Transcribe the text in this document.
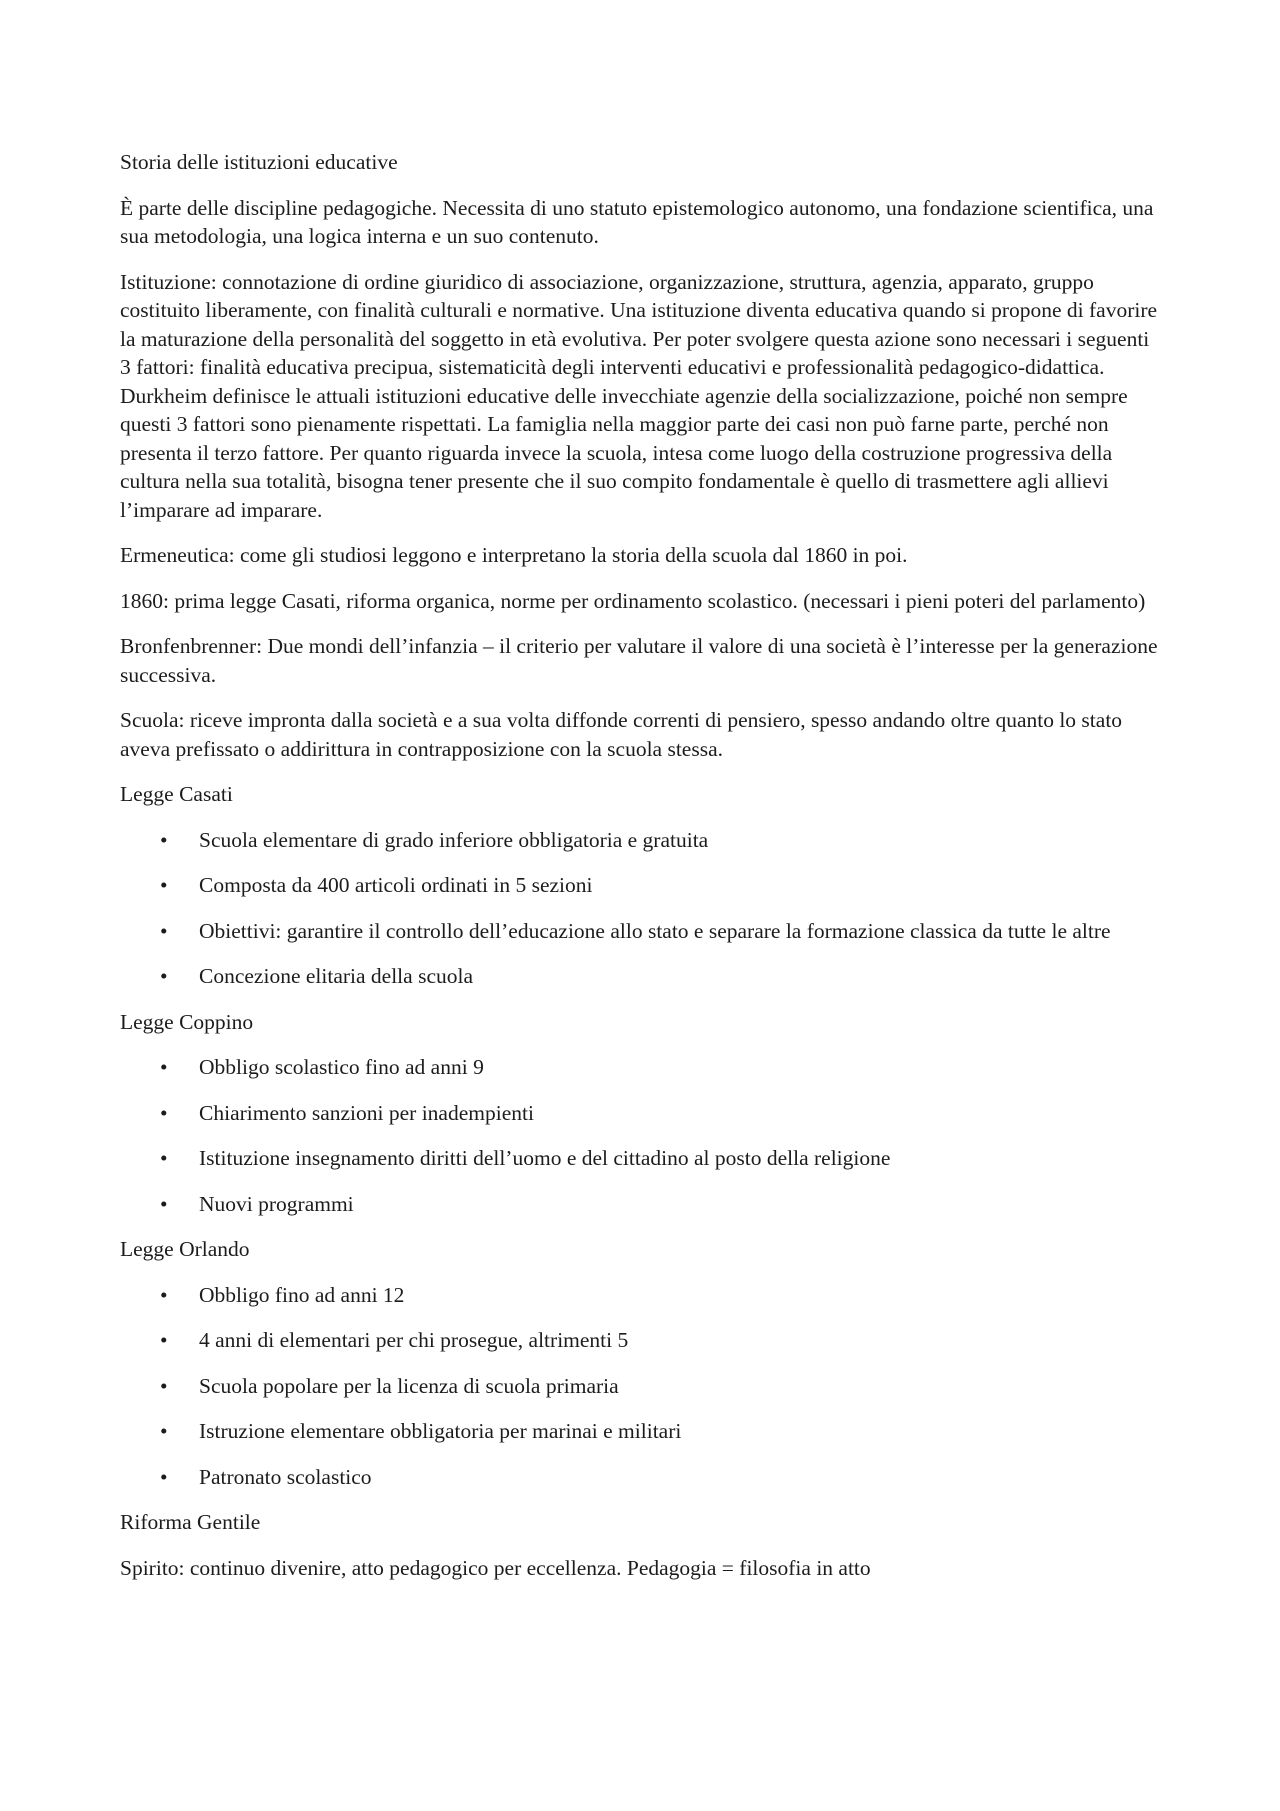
Storia delle istituzioni educative

È parte delle discipline pedagogiche. Necessita di uno statuto epistemologico autonomo, una fondazione scientifica, una sua metodologia, una logica interna e un suo contenuto.

Istituzione: connotazione di ordine giuridico di associazione, organizzazione, struttura, agenzia, apparato, gruppo costituito liberamente, con finalità culturali e normative. Una istituzione diventa educativa quando si propone di favorire la maturazione della personalità del soggetto in età evolutiva. Per poter svolgere questa azione sono necessari i seguenti 3 fattori: finalità educativa precipua, sistematicità degli interventi educativi e professionalità pedagogico-didattica. Durkheim definisce le attuali istituzioni educative delle invecchiate agenzie della socializzazione, poiché non sempre questi 3 fattori sono pienamente rispettati. La famiglia nella maggior parte dei casi non può farne parte, perché non presenta il terzo fattore. Per quanto riguarda invece la scuola, intesa come luogo della costruzione progressiva della cultura nella sua totalità, bisogna tener presente che il suo compito fondamentale è quello di trasmettere agli allievi l’imparare ad imparare.

Ermeneutica: come gli studiosi leggono e interpretano la storia della scuola dal 1860 in poi.

1860: prima legge Casati, riforma organica, norme per ordinamento scolastico. (necessari i pieni poteri del parlamento)

Bronfenbrenner: Due mondi dell’infanzia – il criterio per valutare il valore di una società è l’interesse per la generazione successiva.

Scuola: riceve impronta dalla società e a sua volta diffonde correnti di pensiero, spesso andando oltre quanto lo stato aveva prefissato o addirittura in contrapposizione con la scuola stessa.

Legge Casati

• Scuola elementare di grado inferiore obbligatoria e gratuita
• Composta da 400 articoli ordinati in 5 sezioni
• Obiettivi: garantire il controllo dell’educazione allo stato e separare la formazione classica da tutte le altre
• Concezione elitaria della scuola

Legge Coppino

• Obbligo scolastico fino ad anni 9
• Chiarimento sanzioni per inadempienti
• Istituzione insegnamento diritti dell’uomo e del cittadino al posto della religione
• Nuovi programmi

Legge Orlando

• Obbligo fino ad anni 12
• 4 anni di elementari per chi prosegue, altrimenti 5
• Scuola popolare per la licenza di scuola primaria
• Istruzione elementare obbligatoria per marinai e militari
• Patronato scolastico

Riforma Gentile

Spirito: continuo divenire, atto pedagogico per eccellenza. Pedagogia = filosofia in atto
